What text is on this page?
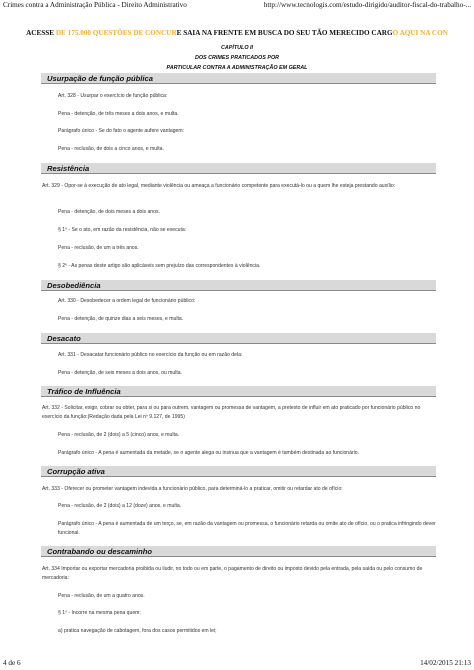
Crimes contra a Administração Pública - Direito Administrativo	http://www.tecnologis.com/estudo-dirigido/auditor-fiscal-do-trabalho-...
ACESSE DE 175.000 QUESTÕES DE CONCURE SAIA NA FRENTE EM BUSCA DO SEU TÃO MERECIDO CARGO AQUI NA CON
CAPÍTULO II
DOS CRIMES PRATICADOS POR
PARTICULAR CONTRA A ADMINISTRAÇÃO EM GERAL
Usurpação de função pública
Art. 328 - Usurpar o exercício de função pública:
Pena - detenção, de três meses a dois anos, e multa.
Parágrafo único - Se do fato o agente aufere vantagem:
Pena - reclusão, de dois a cinco anos, e multa.
Resistência
Art. 329 - Opor-se à execução de ato legal, mediante violência ou ameaça a funcionário competente para executá-lo ou a quem lhe esteja prestando auxílio:
Pena - detenção, de dois meses a dois anos.
§ 1º - Se o ato, em razão da resistência, não se executa:
Pena - reclusão, de um a três anos.
§ 2º - As penas deste artigo são aplicáveis sem prejuízo das correspondentes à violência.
Desobediência
Art. 330 - Desobedecer a ordem legal de funcionário público:
Pena - detenção, de quinze dias a seis meses, e multa.
Desacato
Art. 331 - Desacatar funcionário público no exercício da função ou em razão dela:
Pena - detenção, de seis meses a dois anos, ou multa.
Tráfico de Influência
Art. 332 - Solicitar, exigir, cobrar ou obter, para si ou para outrem, vantagem ou promessa de vantagem, a pretexto de influir em ato praticado por funcionário público no exercício da função:(Redação dada pela Lei nº 9.127, de 1995)
Pena - reclusão, de 2 (dois) a 5 (cinco) anos, e multa.
Parágrafo único - A pena é aumentada da metade, se o agente alega ou insinua que a vantagem é também destinada ao funcionário.
Corrupção ativa
Art. 333 - Oferecer ou prometer vantagem indevida a funcionário público, para determiná-lo a praticar, omitir ou retardar ato de ofício:
Pena - reclusão, de 2 (dois) a 12 (doze) anos, e multa.
Parágrafo único - A pena é aumentada de um terço, se, em razão da vantagem ou promessa, o funcionário retarda ou omite ato de ofício, ou o pratica infringindo dever funcional.
Contrabando ou descaminho
Art. 334 Importar ou exportar mercadoria proibida ou iludir, no todo ou em parte, o pagamento de direito ou imposto devido pela entrada, pela saída ou pelo consumo de mercadoria:
Pena - reclusão, de um a quatro anos.
§ 1º - Incorre na mesma pena quem:
a) pratica navegação de cabotagem, fora dos casos permitidos em lei;
4 de 6	14/02/2015 21:13
